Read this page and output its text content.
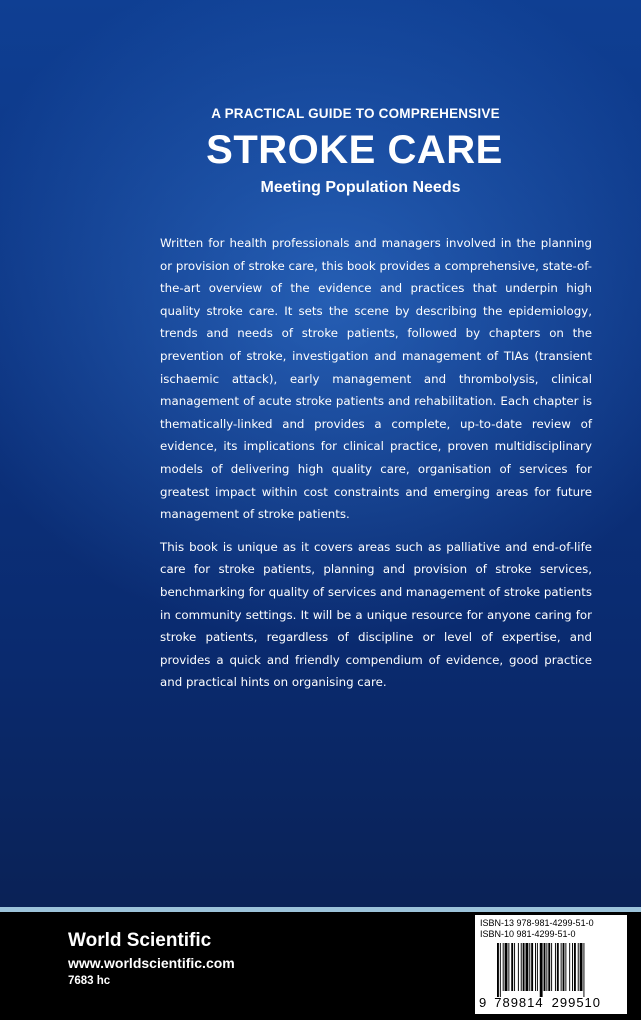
A PRACTICAL GUIDE TO COMPREHENSIVE
STROKE CARE
Meeting Population Needs

Written for health professionals and managers involved in the planning or provision of stroke care, this book provides a comprehensive, state-of-the-art overview of the evidence and practices that underpin high quality stroke care. It sets the scene by describing the epidemiology, trends and needs of stroke patients, followed by chapters on the prevention of stroke, investigation and management of TIAs (transient ischaemic attack), early management and thrombolysis, clinical management of acute stroke patients and rehabilitation. Each chapter is thematically-linked and provides a complete, up-to-date review of evidence, its implications for clinical practice, proven multidisciplinary models of delivering high quality care, organisation of services for greatest impact within cost constraints and emerging areas for future management of stroke patients.

This book is unique as it covers areas such as palliative and end-of-life care for stroke patients, planning and provision of stroke services, benchmarking for quality of services and management of stroke patients in community settings. It will be a unique resource for anyone caring for stroke patients, regardless of discipline or level of expertise, and provides a quick and friendly compendium of evidence, good practice and practical hints on organising care.

World Scientific
www.worldscientific.com
7683 hc
ISBN-13 978-981-4299-51-0
ISBN-10 981-4299-51-0
9 789814 299510
